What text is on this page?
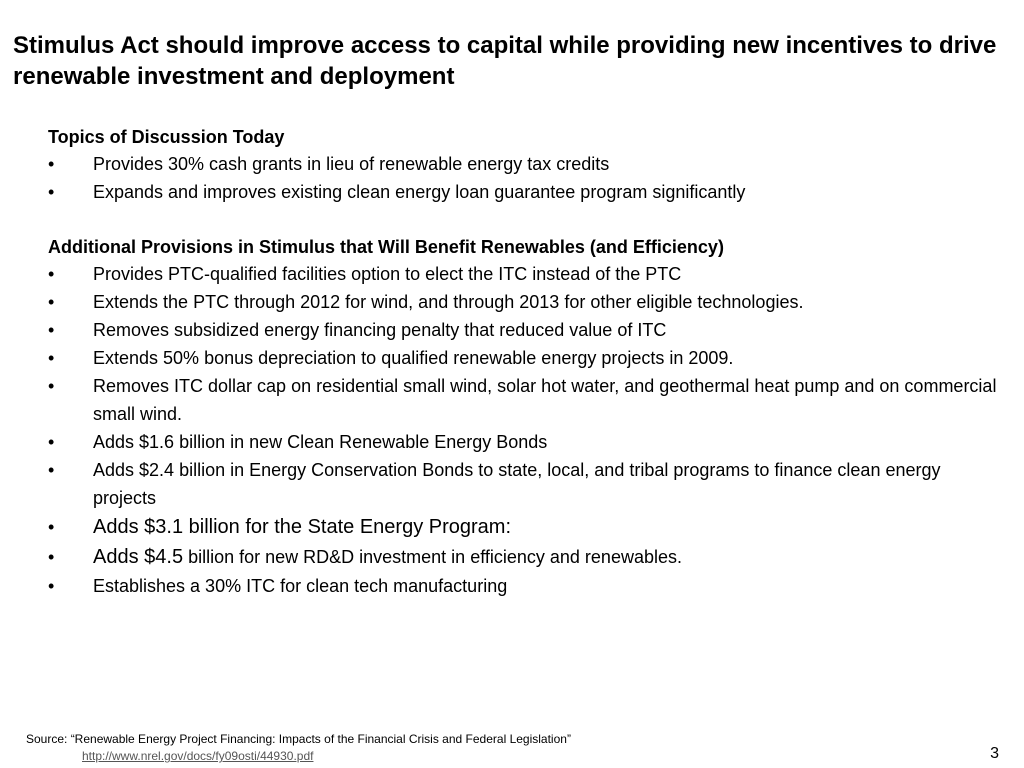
Stimulus Act should improve access to capital while providing new incentives to drive renewable investment and deployment

Topics of Discussion Today

• Provides 30% cash grants in lieu of renewable energy tax credits
• Expands and improves existing clean energy loan guarantee program significantly

Additional Provisions in Stimulus that Will Benefit Renewables (and Efficiency)

• Provides PTC-qualified facilities option to elect the ITC instead of the PTC
• Extends the PTC through 2012 for wind, and through 2013 for other eligible technologies.
• Removes subsidized energy financing penalty that reduced value of ITC
• Extends 50% bonus depreciation to qualified renewable energy projects in 2009.
• Removes ITC dollar cap on residential small wind, solar hot water, and geothermal heat pump and on commercial small wind.
• Adds $1.6 billion in new Clean Renewable Energy Bonds
• Adds $2.4 billion in Energy Conservation Bonds to state, local, and tribal programs to finance clean energy projects
• Adds $3.1 billion for the State Energy Program:
• Adds $4.5 billion for new RD&D investment in efficiency and renewables.
• Establishes a 30% ITC for clean tech manufacturing
Source: “Renewable Energy Project Financing: Impacts of the Financial Crisis and Federal Legislation”
http://www.nrel.gov/docs/fy09osti/44930.pdf	3
